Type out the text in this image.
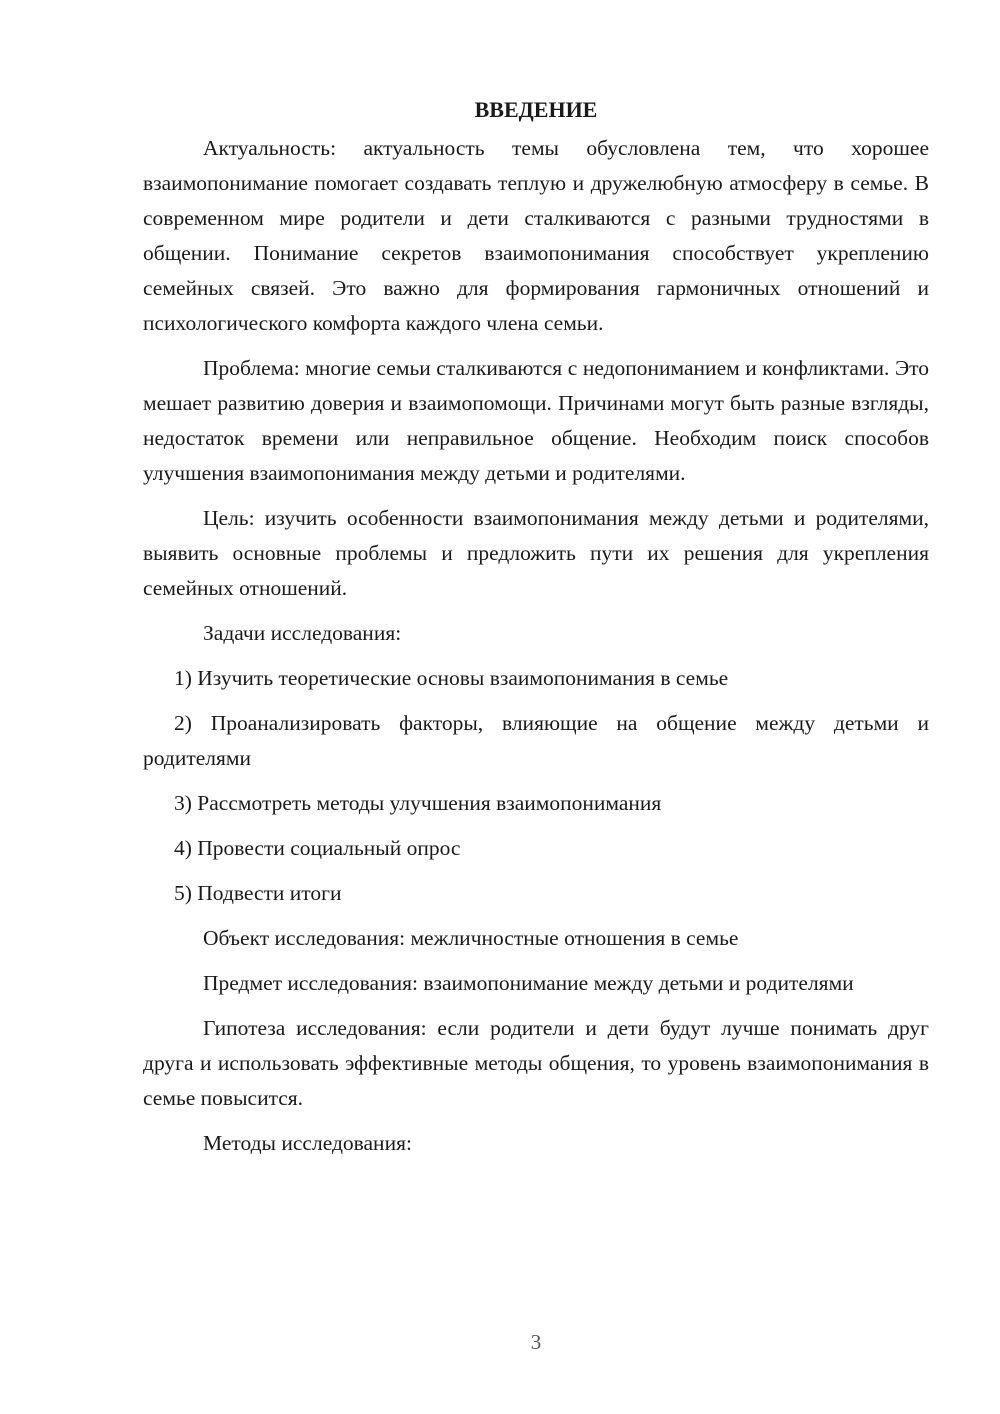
ВВЕДЕНИЕ

Актуальность: актуальность темы обусловлена тем, что хорошее взаимопонимание помогает создавать теплую и дружелюбную атмосферу в семье. В современном мире родители и дети сталкиваются с разными трудностями в общении. Понимание секретов взаимопонимания способствует укреплению семейных связей. Это важно для формирования гармоничных отношений и психологического комфорта каждого члена семьи.

Проблема: многие семьи сталкиваются с недопониманием и конфликтами. Это мешает развитию доверия и взаимопомощи. Причинами могут быть разные взгляды, недостаток времени или неправильное общение. Необходим поиск способов улучшения взаимопонимания между детьми и родителями.

Цель: изучить особенности взаимопонимания между детьми и родителями, выявить основные проблемы и предложить пути их решения для укрепления семейных отношений.

Задачи исследования:

1) Изучить теоретические основы взаимопонимания в семье

2) Проанализировать факторы, влияющие на общение между детьми и родителями

3) Рассмотреть методы улучшения взаимопонимания

4) Провести социальный опрос

5) Подвести итоги

Объект исследования: межличностные отношения в семье

Предмет исследования: взаимопонимание между детьми и родителями

Гипотеза исследования: если родители и дети будут лучше понимать друг друга и использовать эффективные методы общения, то уровень взаимопонимания в семье повысится.

Методы исследования:

3
